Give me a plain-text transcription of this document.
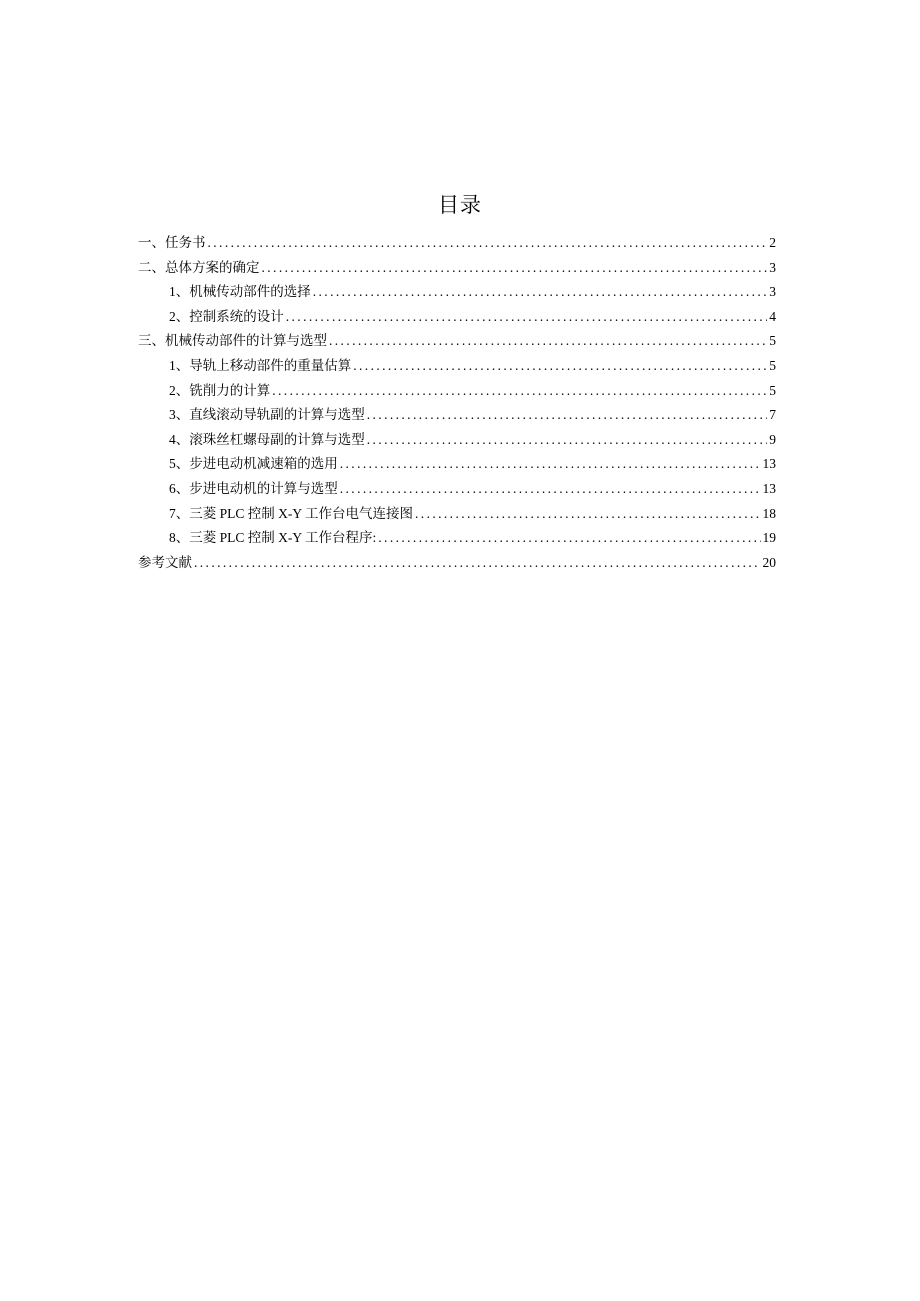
目录
一、任务书 .....	2
二、总体方案的确定 .....	3
1、机械传动部件的选择 .....	3
2、控制系统的设计 .....	4
三、机械传动部件的计算与选型 .....	5
1、导轨上移动部件的重量估算 .....	5
2、铣削力的计算 .....	5
3、直线滚动导轨副的计算与选型 .....	7
4、滚珠丝杠螺母副的计算与选型 .....	9
5、步进电动机减速箱的选用 .....	13
6、步进电动机的计算与选型 .....	13
7、三菱 PLC 控制 X-Y 工作台电气连接图 .....	18
8、三菱 PLC 控制 X-Y 工作台程序: .....	19
参考文献 .....	20
